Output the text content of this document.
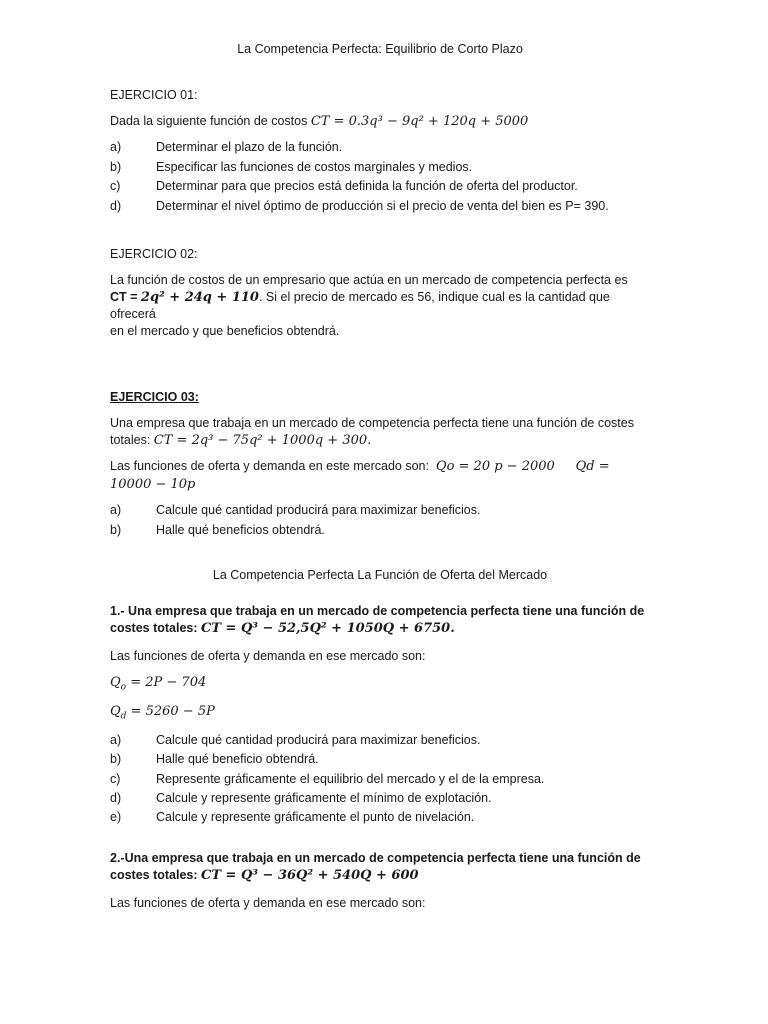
La Competencia Perfecta: Equilibrio de Corto Plazo

EJERCICIO 01:

Dada la siguiente función de costos CT = 0.3q³ − 9q² + 120q + 5000

a)	Determinar el plazo de la función.
b)	Especificar las funciones de costos marginales y medios.
c)	Determinar para que precios está definida la función de oferta del productor.
d)	Determinar el nivel óptimo de producción si el precio de venta del bien es P= 390.

EJERCICIO 02:

La función de costos de un empresario que actúa en un mercado de competencia perfecta es

CT = 2q² + 24q + 110. Si el precio de mercado es 56, indique cual es la cantidad que ofrecerá

en el mercado y que beneficios obtendrá.

EJERCICIO 03:

Una empresa que trabaja en un mercado de competencia perfecta tiene una función de costes

totales: CT = 2q³ − 75q² + 1000q + 300.

Las funciones de oferta y demanda en este mercado son: Qo = 20 p − 2000 Qd =

10000 − 10p

a)	Calcule qué cantidad producirá para maximizar beneficios.
b)	Halle qué beneficios obtendrá.
La Competencia Perfecta La Función de Oferta del Mercado

1.- Una empresa que trabaja en un mercado de competencia perfecta tiene una función de

costes totales: CT = Q³ − 52,5Q² + 1050Q + 6750.

Las funciones de oferta y demanda en ese mercado son:

$Q_o = 2P - 704$

$Q_d = 5260 - 5P$

a)	Calcule qué cantidad producirá para maximizar beneficios.
b)	Halle qué beneficio obtendrá.
c)	Represente gráficamente el equilibrio del mercado y el de la empresa.
d)	Calcule y represente gráficamente el mínimo de explotación.
e)	Calcule y represente gráficamente el punto de nivelación.

2.-Una empresa que trabaja en un mercado de competencia perfecta tiene una función de

costes totales: CT = Q³ − 36Q² + 540Q + 600

Las funciones de oferta y demanda en ese mercado son:
